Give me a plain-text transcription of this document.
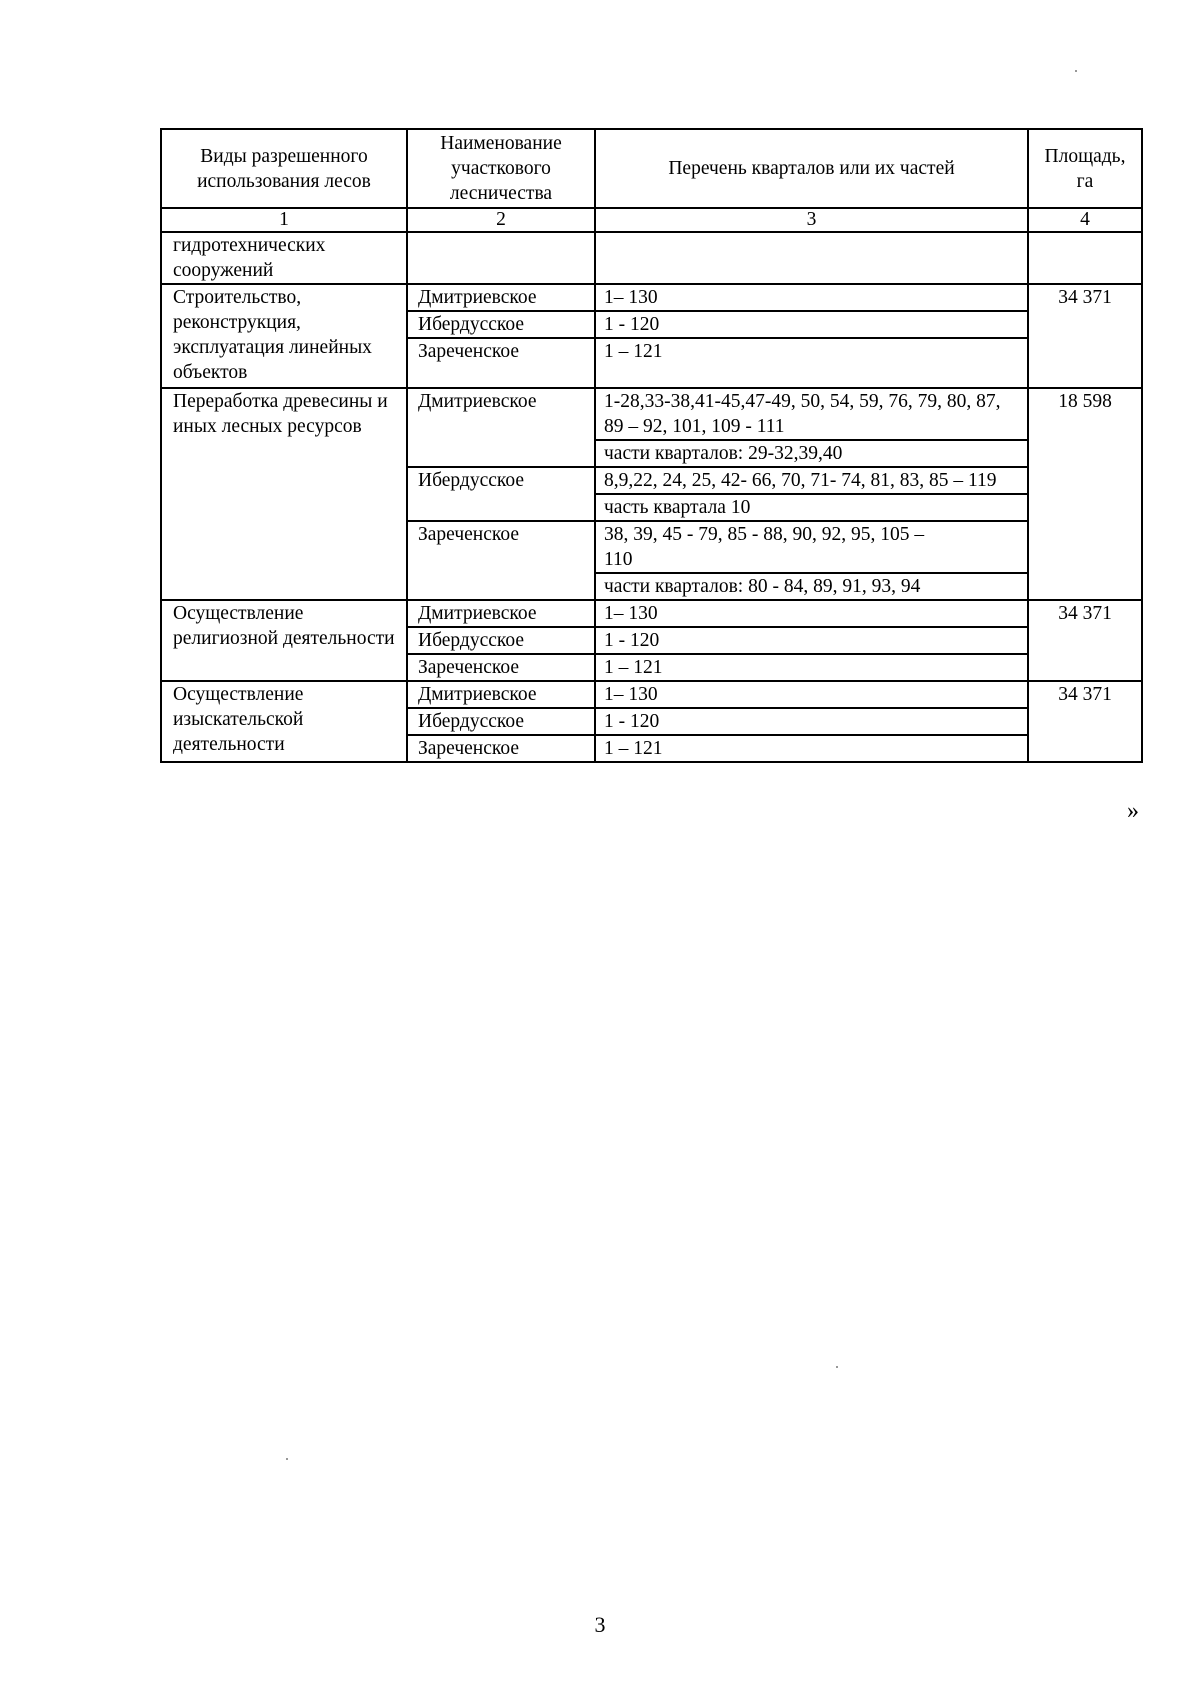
Виды разрешенного использования лесов	Наименование участкового лесничества	Перечень кварталов или их частей	Площадь, га
1	2	3	4
гидротехнических сооружений			
Строительство, реконструкция, эксплуатация линейных объектов	Дмитриевское	1– 130	34 371
	Ибердусское	1 - 120	
	Зареченское	1 – 121	
Переработка древесины и иных лесных ресурсов	Дмитриевское	1-28,33-38,41-45,47-49, 50, 54, 59, 76, 79, 80, 87, 89 – 92, 101, 109 - 111	18 598
		части кварталов: 29-32,39,40	
	Ибердусское	8,9,22, 24, 25, 42- 66, 70, 71- 74, 81, 83, 85 – 119	
		часть квартала 10	
	Зареченское	38, 39, 45 - 79, 85 - 88, 90, 92, 95, 105 – 110	
		части кварталов: 80 - 84, 89, 91, 93, 94	
Осуществление религиозной деятельности	Дмитриевское	1– 130	34 371
	Ибердусское	1 - 120	
	Зареченское	1 – 121	
Осуществление изыскательской деятельности	Дмитриевское	1– 130	34 371
	Ибердусское	1 - 120	
	Зареченское	1 – 121	
»
3
